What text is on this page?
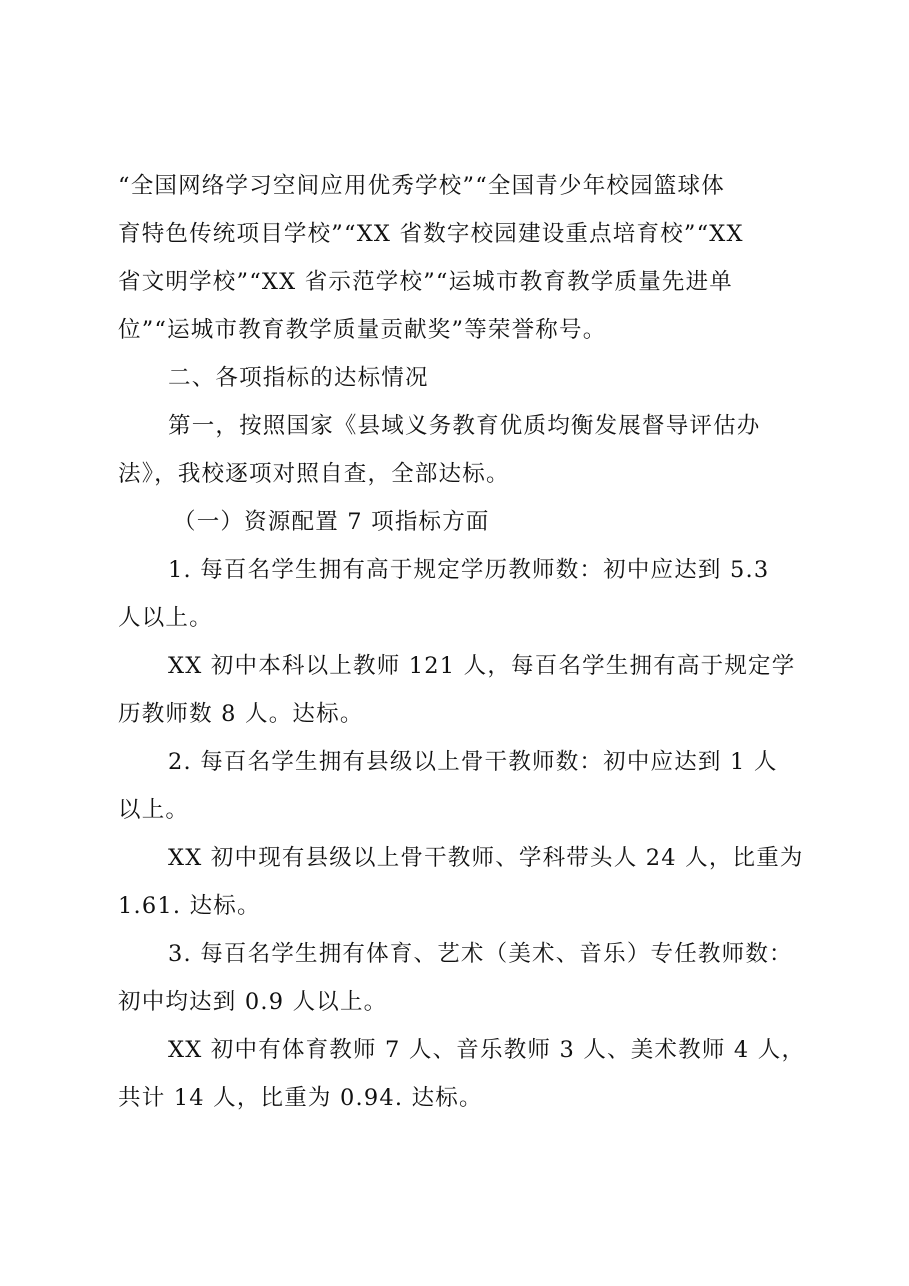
“全国网络学习空间应用优秀学校”“全国青少年校园篮球体
育特色传统项目学校”“XX 省数字校园建设重点培育校”“XX
省文明学校”“XX 省示范学校”“运城市教育教学质量先进单
位”“运城市教育教学质量贡献奖”等荣誉称号。

二、各项指标的达标情况

第一，按照国家《县域义务教育优质均衡发展督导评估办
法》，我校逐项对照自查，全部达标。

（一）资源配置 7 项指标方面

1. 每百名学生拥有高于规定学历教师数：初中应达到 5.3
人以上。

XX 初中本科以上教师 121 人，每百名学生拥有高于规定学
历教师数 8 人。达标。

2. 每百名学生拥有县级以上骨干教师数：初中应达到 1 人
以上。

XX 初中现有县级以上骨干教师、学科带头人 24 人，比重为
1.61. 达标。

3. 每百名学生拥有体育、艺术（美术、音乐）专任教师数：
初中均达到 0.9 人以上。

XX 初中有体育教师 7 人、音乐教师 3 人、美术教师 4 人，
共计 14 人，比重为 0.94. 达标。
